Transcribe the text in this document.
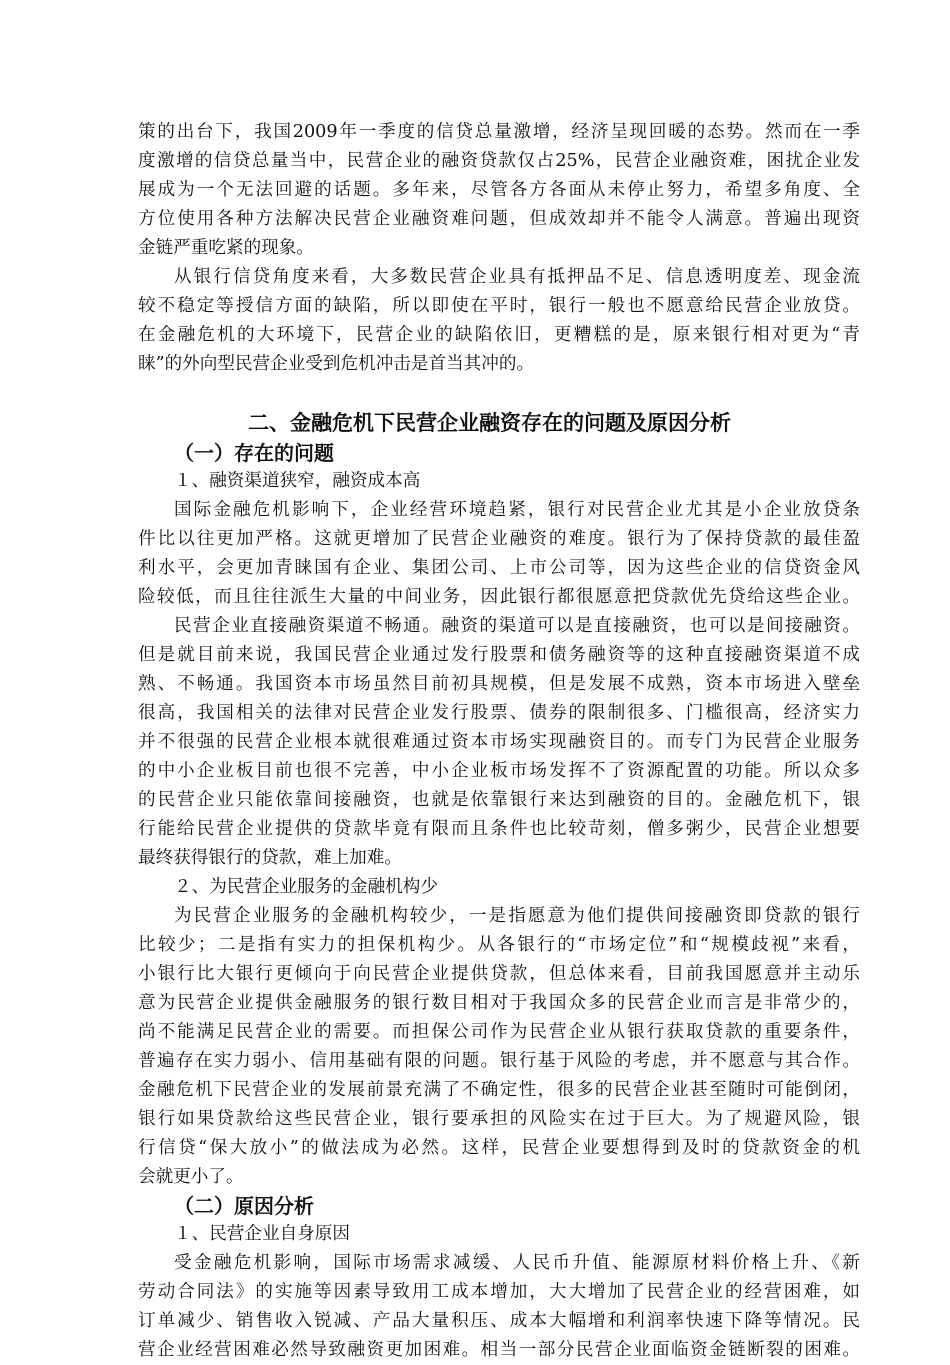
策的出台下，我国2009年一季度的信贷总量激增，经济呈现回暖的态势。然而在一季
度激增的信贷总量当中，民营企业的融资贷款仅占25%，民营企业融资难，困扰企业发
展成为一个无法回避的话题。多年来，尽管各方各面从未停止努力，希望多角度、全
方位使用各种方法解决民营企业融资难问题，但成效却并不能令人满意。普遍出现资
金链严重吃紧的现象。
从银行信贷角度来看，大多数民营企业具有抵押品不足、信息透明度差、现金流
较不稳定等授信方面的缺陷，所以即使在平时，银行一般也不愿意给民营企业放贷。
在金融危机的大环境下，民营企业的缺陷依旧，更糟糕的是，原来银行相对更为“青
睐”的外向型民营企业受到危机冲击是首当其冲的。
二、金融危机下民营企业融资存在的问题及原因分析
（一）存在的问题
１、融资渠道狭窄，融资成本高
国际金融危机影响下，企业经营环境趋紧，银行对民营企业尤其是小企业放贷条
件比以往更加严格。这就更增加了民营企业融资的难度。银行为了保持贷款的最佳盈
利水平，会更加青睐国有企业、集团公司、上市公司等，因为这些企业的信贷资金风
险较低，而且往往派生大量的中间业务，因此银行都很愿意把贷款优先贷给这些企业。
民营企业直接融资渠道不畅通。融资的渠道可以是直接融资，也可以是间接融资。
但是就目前来说，我国民营企业通过发行股票和债务融资等的这种直接融资渠道不成
熟、不畅通。我国资本市场虽然目前初具规模，但是发展不成熟，资本市场进入壁垒
很高，我国相关的法律对民营企业发行股票、债券的限制很多、门槛很高，经济实力
并不很强的民营企业根本就很难通过资本市场实现融资目的。而专门为民营企业服务
的中小企业板目前也很不完善，中小企业板市场发挥不了资源配置的功能。所以众多
的民营企业只能依靠间接融资，也就是依靠银行来达到融资的目的。金融危机下，银
行能给民营企业提供的贷款毕竟有限而且条件也比较苛刻，僧多粥少，民营企业想要
最终获得银行的贷款，难上加难。
２、为民营企业服务的金融机构少
为民营企业服务的金融机构较少，一是指愿意为他们提供间接融资即贷款的银行
比较少；二是指有实力的担保机构少。从各银行的“市场定位”和“规模歧视”来看，
小银行比大银行更倾向于向民营企业提供贷款，但总体来看，目前我国愿意并主动乐
意为民营企业提供金融服务的银行数目相对于我国众多的民营企业而言是非常少的，
尚不能满足民营企业的需要。而担保公司作为民营企业从银行获取贷款的重要条件，
普遍存在实力弱小、信用基础有限的问题。银行基于风险的考虑，并不愿意与其合作。
金融危机下民营企业的发展前景充满了不确定性，很多的民营企业甚至随时可能倒闭，
银行如果贷款给这些民营企业，银行要承担的风险实在过于巨大。为了规避风险，银
行信贷“保大放小”的做法成为必然。这样，民营企业要想得到及时的贷款资金的机
会就更小了。
（二）原因分析
１、民营企业自身原因
受金融危机影响，国际市场需求减缓、人民币升值、能源原材料价格上升、《新
劳动合同法》的实施等因素导致用工成本增加，大大增加了民营企业的经营困难，如
订单减少、销售收入锐减、产品大量积压、成本大幅增和利润率快速下降等情况。民
营企业经营困难必然导致融资更加困难。相当一部分民营企业面临资金链断裂的困难。
